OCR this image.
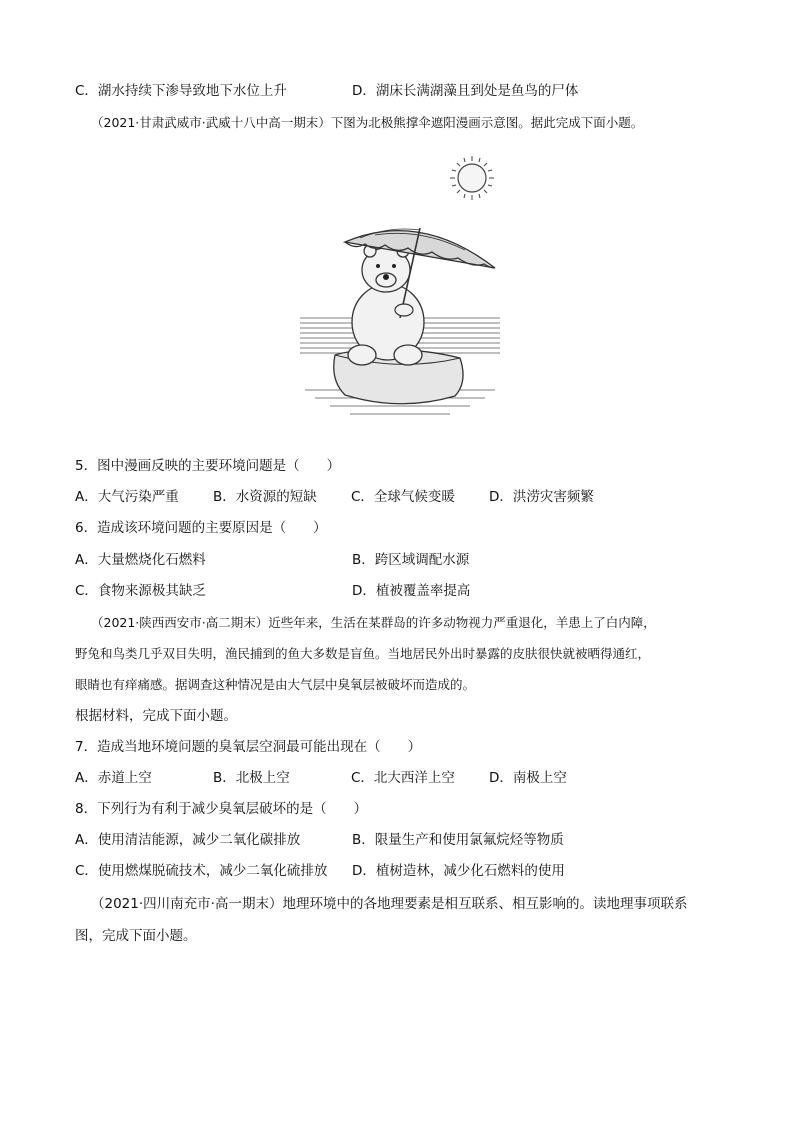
C．湖水持续下渗导致地下水位上升	D．湖床长满湖藻且到处是鱼鸟的尸体
（2021·甘肃武威市·武威十八中高一期末）下图为北极熊撑伞遮阳漫画示意图。据此完成下面小题。
5．图中漫画反映的主要环境问题是（　　）
A．大气污染严重	B．水资源的短缺	C．全球气候变暖	D．洪涝灾害频繁
6．造成该环境问题的主要原因是（　　）
A．大量燃烧化石燃料	B．跨区域调配水源
C．食物来源极其缺乏	D．植被覆盖率提高
（2021·陕西西安市·高二期末）近些年来，生活在某群岛的许多动物视力严重退化，羊患上了白内障，
野兔和鸟类几乎双目失明，渔民捕到的鱼大多数是盲鱼。当地居民外出时暴露的皮肤很快就被晒得通红，
眼睛也有痒痛感。据调查这种情况是由大气层中臭氧层被破坏而造成的。
根据材料，完成下面小题。
7．造成当地环境问题的臭氧层空洞最可能出现在（　　）
A．赤道上空	B．北极上空	C．北大西洋上空	D．南极上空
8．下列行为有利于减少臭氧层破坏的是（　　）
A．使用清洁能源，减少二氧化碳排放	B．限量生产和使用氯氟烷烃等物质
C．使用燃煤脱硫技术，减少二氧化硫排放 D．植树造林，减少化石燃料的使用
（2021·四川南充市·高一期末）地理环境中的各地理要素是相互联系、相互影响的。读地理事项联系
图，完成下面小题。
